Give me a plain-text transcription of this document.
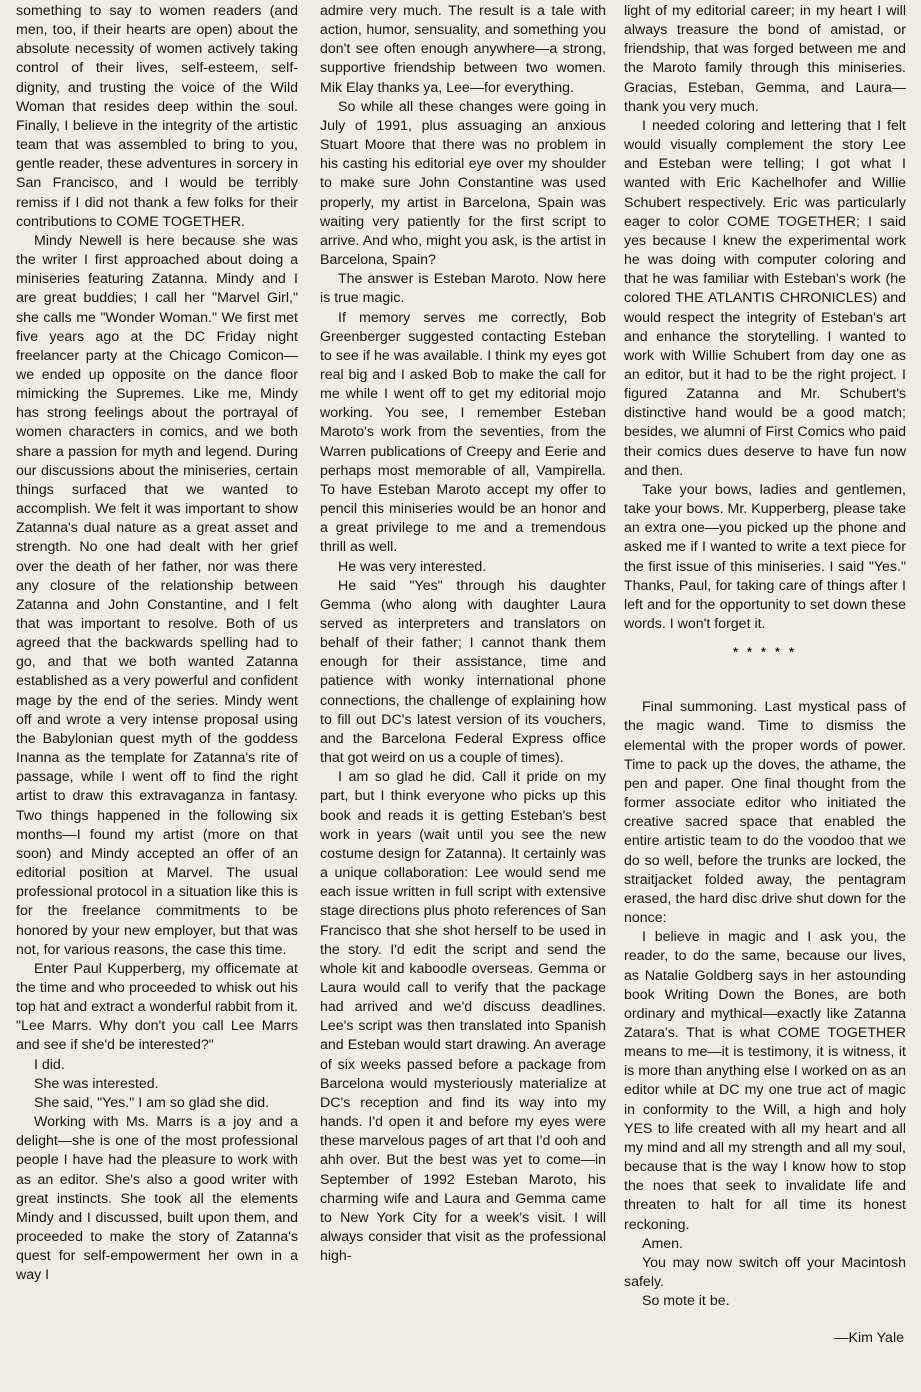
something to say to women readers (and men, too, if their hearts are open) about the absolute necessity of women actively taking control of their lives, self-esteem, self-dignity, and trusting the voice of the Wild Woman that resides deep within the soul. Finally, I believe in the integrity of the artistic team that was assembled to bring to you, gentle reader, these adventures in sorcery in San Francisco, and I would be terribly remiss if I did not thank a few folks for their contributions to COME TOGETHER.

Mindy Newell is here because she was the writer I first approached about doing a miniseries featuring Zatanna. Mindy and I are great buddies; I call her "Marvel Girl," she calls me "Wonder Woman." We first met five years ago at the DC Friday night freelancer party at the Chicago Comicon—we ended up opposite on the dance floor mimicking the Supremes. Like me, Mindy has strong feelings about the portrayal of women characters in comics, and we both share a passion for myth and legend. During our discussions about the miniseries, certain things surfaced that we wanted to accomplish. We felt it was important to show Zatanna's dual nature as a great asset and strength. No one had dealt with her grief over the death of her father, nor was there any closure of the relationship between Zatanna and John Constantine, and I felt that was important to resolve. Both of us agreed that the backwards spelling had to go, and that we both wanted Zatanna established as a very powerful and confident mage by the end of the series. Mindy went off and wrote a very intense proposal using the Babylonian quest myth of the goddess Inanna as the template for Zatanna's rite of passage, while I went off to find the right artist to draw this extravaganza in fantasy. Two things happened in the following six months—I found my artist (more on that soon) and Mindy accepted an offer of an editorial position at Marvel. The usual professional protocol in a situation like this is for the freelance commitments to be honored by your new employer, but that was not, for various reasons, the case this time.

Enter Paul Kupperberg, my officemate at the time and who proceeded to whisk out his top hat and extract a wonderful rabbit from it. "Lee Marrs. Why don't you call Lee Marrs and see if she'd be interested?"

I did.

She was interested.

She said, "Yes." I am so glad she did.

Working with Ms. Marrs is a joy and a delight—she is one of the most professional people I have had the pleasure to work with as an editor. She's also a good writer with great instincts. She took all the elements Mindy and I discussed, built upon them, and proceeded to make the story of Zatanna's quest for self-empowerment her own in a way I

admire very much. The result is a tale with action, humor, sensuality, and something you don't see often enough anywhere—a strong, supportive friendship between two women. Mik Elay thanks ya, Lee—for everything.

So while all these changes were going in July of 1991, plus assuaging an anxious Stuart Moore that there was no problem in his casting his editorial eye over my shoulder to make sure John Constantine was used properly, my artist in Barcelona, Spain was waiting very patiently for the first script to arrive. And who, might you ask, is the artist in Barcelona, Spain?

The answer is Esteban Maroto. Now here is true magic.

If memory serves me correctly, Bob Greenberger suggested contacting Esteban to see if he was available. I think my eyes got real big and I asked Bob to make the call for me while I went off to get my editorial mojo working. You see, I remember Esteban Maroto's work from the seventies, from the Warren publications of Creepy and Eerie and perhaps most memorable of all, Vampirella. To have Esteban Maroto accept my offer to pencil this miniseries would be an honor and a great privilege to me and a tremendous thrill as well.

He was very interested.

He said "Yes" through his daughter Gemma (who along with daughter Laura served as interpreters and translators on behalf of their father; I cannot thank them enough for their assistance, time and patience with wonky international phone connections, the challenge of explaining how to fill out DC's latest version of its vouchers, and the Barcelona Federal Express office that got weird on us a couple of times).

I am so glad he did. Call it pride on my part, but I think everyone who picks up this book and reads it is getting Esteban's best work in years (wait until you see the new costume design for Zatanna). It certainly was a unique collaboration: Lee would send me each issue written in full script with extensive stage directions plus photo references of San Francisco that she shot herself to be used in the story. I'd edit the script and send the whole kit and kaboodle overseas. Gemma or Laura would call to verify that the package had arrived and we'd discuss deadlines. Lee's script was then translated into Spanish and Esteban would start drawing. An average of six weeks passed before a package from Barcelona would mysteriously materialize at DC's reception and find its way into my hands. I'd open it and before my eyes were these marvelous pages of art that I'd ooh and ahh over. But the best was yet to come—in September of 1992 Esteban Maroto, his charming wife and Laura and Gemma came to New York City for a week's visit. I will always consider that visit as the professional high-

light of my editorial career; in my heart I will always treasure the bond of amistad, or friendship, that was forged between me and the Maroto family through this miniseries. Gracias, Esteban, Gemma, and Laura—thank you very much.

I needed coloring and lettering that I felt would visually complement the story Lee and Esteban were telling; I got what I wanted with Eric Kachelhofer and Willie Schubert respectively. Eric was particularly eager to color COME TOGETHER; I said yes because I knew the experimental work he was doing with computer coloring and that he was familiar with Esteban's work (he colored THE ATLANTIS CHRONICLES) and would respect the integrity of Esteban's art and enhance the storytelling. I wanted to work with Willie Schubert from day one as an editor, but it had to be the right project. I figured Zatanna and Mr. Schubert's distinctive hand would be a good match; besides, we alumni of First Comics who paid their comics dues deserve to have fun now and then.

Take your bows, ladies and gentlemen, take your bows. Mr. Kupperberg, please take an extra one—you picked up the phone and asked me if I wanted to write a text piece for the first issue of this miniseries. I said "Yes." Thanks, Paul, for taking care of things after I left and for the opportunity to set down these words. I won't forget it.

* * * * *

Final summoning. Last mystical pass of the magic wand. Time to dismiss the elemental with the proper words of power. Time to pack up the doves, the athame, the pen and paper. One final thought from the former associate editor who initiated the creative sacred space that enabled the entire artistic team to do the voodoo that we do so well, before the trunks are locked, the straitjacket folded away, the pentagram erased, the hard disc drive shut down for the nonce:

I believe in magic and I ask you, the reader, to do the same, because our lives, as Natalie Goldberg says in her astounding book Writing Down the Bones, are both ordinary and mythical—exactly like Zatanna Zatara's. That is what COME TOGETHER means to me—it is testimony, it is witness, it is more than anything else I worked on as an editor while at DC my one true act of magic in conformity to the Will, a high and holy YES to life created with all my heart and all my mind and all my strength and all my soul, because that is the way I know how to stop the noes that seek to invalidate life and threaten to halt for all time its honest reckoning.

Amen.

You may now switch off your Macintosh safely.

So mote it be.

—Kim Yale
